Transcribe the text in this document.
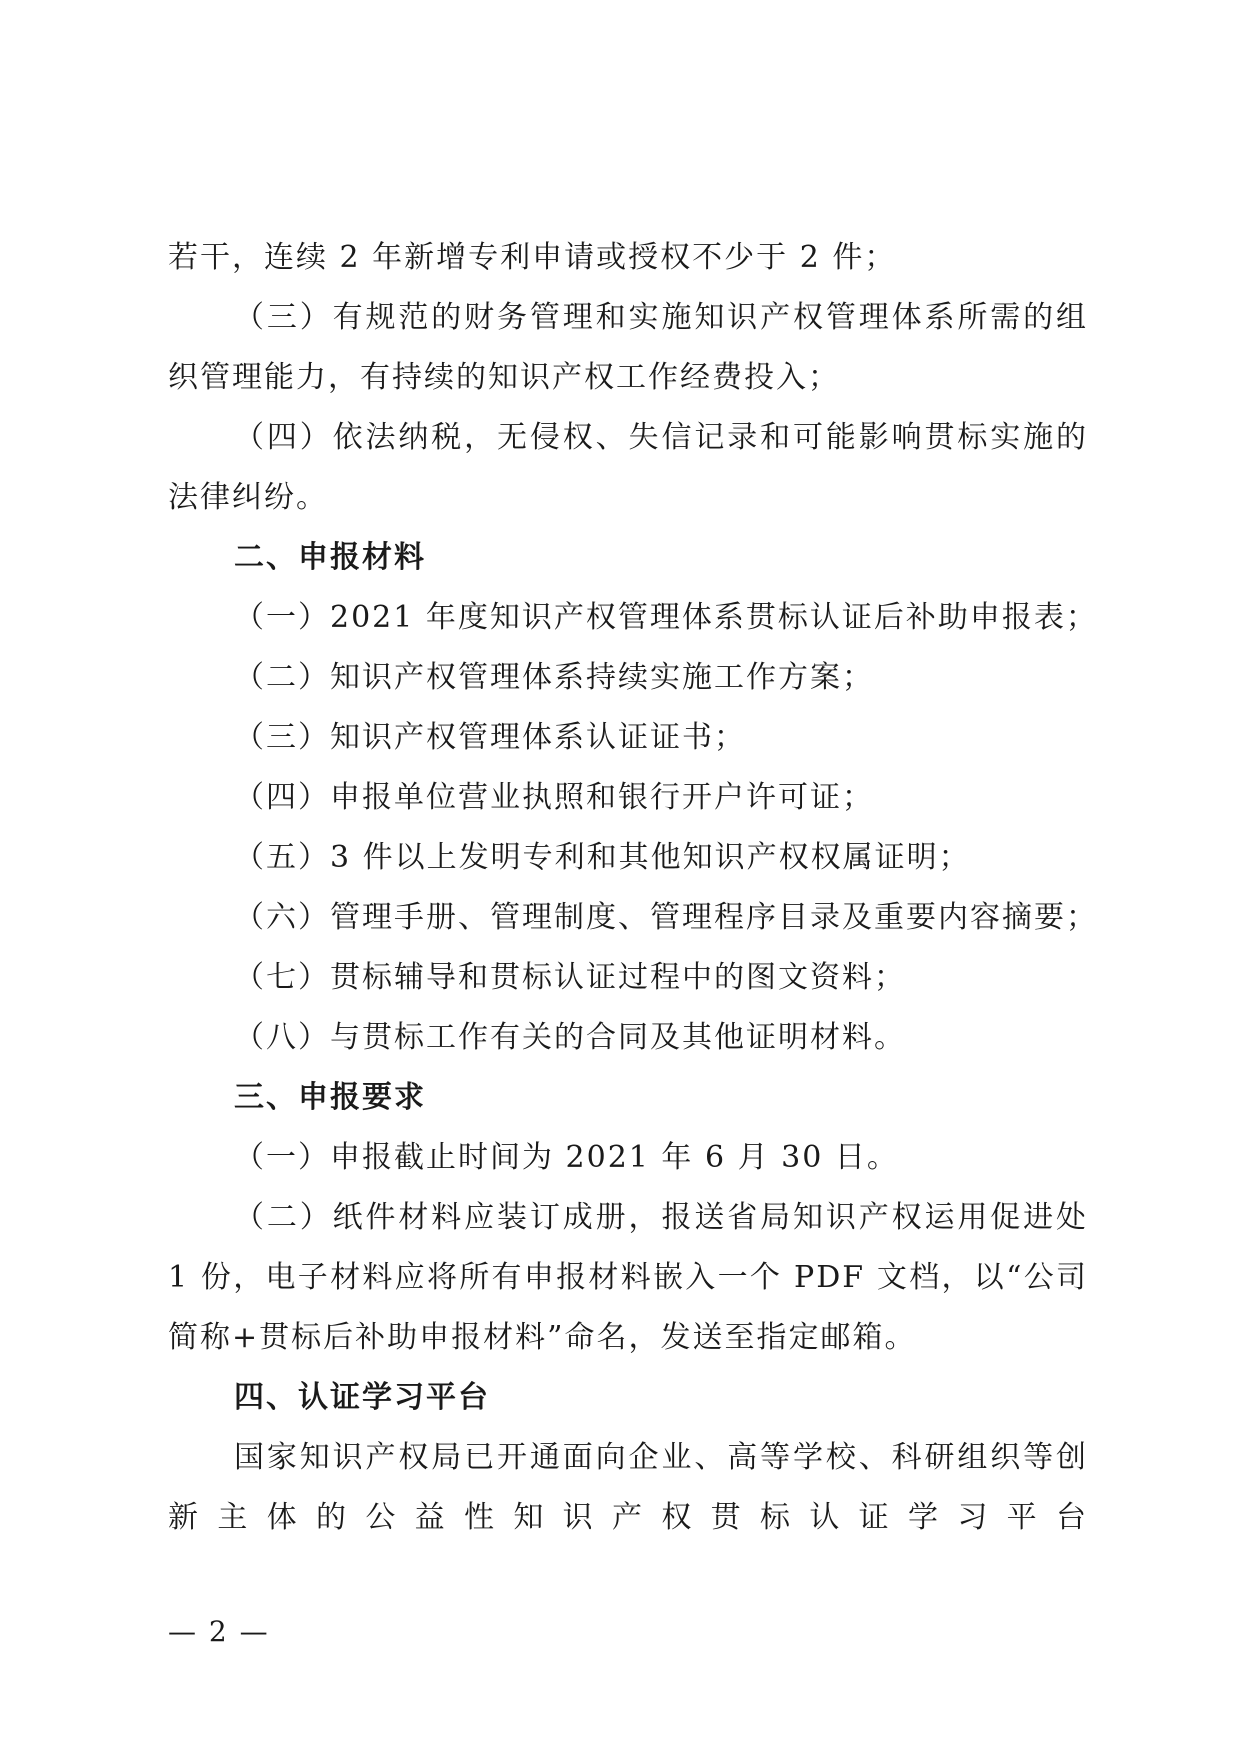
若干，连续 2 年新增专利申请或授权不少于 2 件；
（三）有规范的财务管理和实施知识产权管理体系所需的组
织管理能力，有持续的知识产权工作经费投入；
（四）依法纳税，无侵权、失信记录和可能影响贯标实施的
法律纠纷。
二、申报材料
（一）2021 年度知识产权管理体系贯标认证后补助申报表；
（二）知识产权管理体系持续实施工作方案；
（三）知识产权管理体系认证证书；
（四）申报单位营业执照和银行开户许可证；
（五）3 件以上发明专利和其他知识产权权属证明；
（六）管理手册、管理制度、管理程序目录及重要内容摘要；
（七）贯标辅导和贯标认证过程中的图文资料；
（八）与贯标工作有关的合同及其他证明材料。
三、申报要求
（一）申报截止时间为 2021 年 6 月 30 日。
（二）纸件材料应装订成册，报送省局知识产权运用促进处
1 份，电子材料应将所有申报材料嵌入一个 PDF 文档，以“公司
简称+贯标后补助申报材料”命名，发送至指定邮箱。
四、认证学习平台
国家知识产权局已开通面向企业、高等学校、科研组织等创
新主体的公益性知识产权贯标认证学习平台
— 2 —
